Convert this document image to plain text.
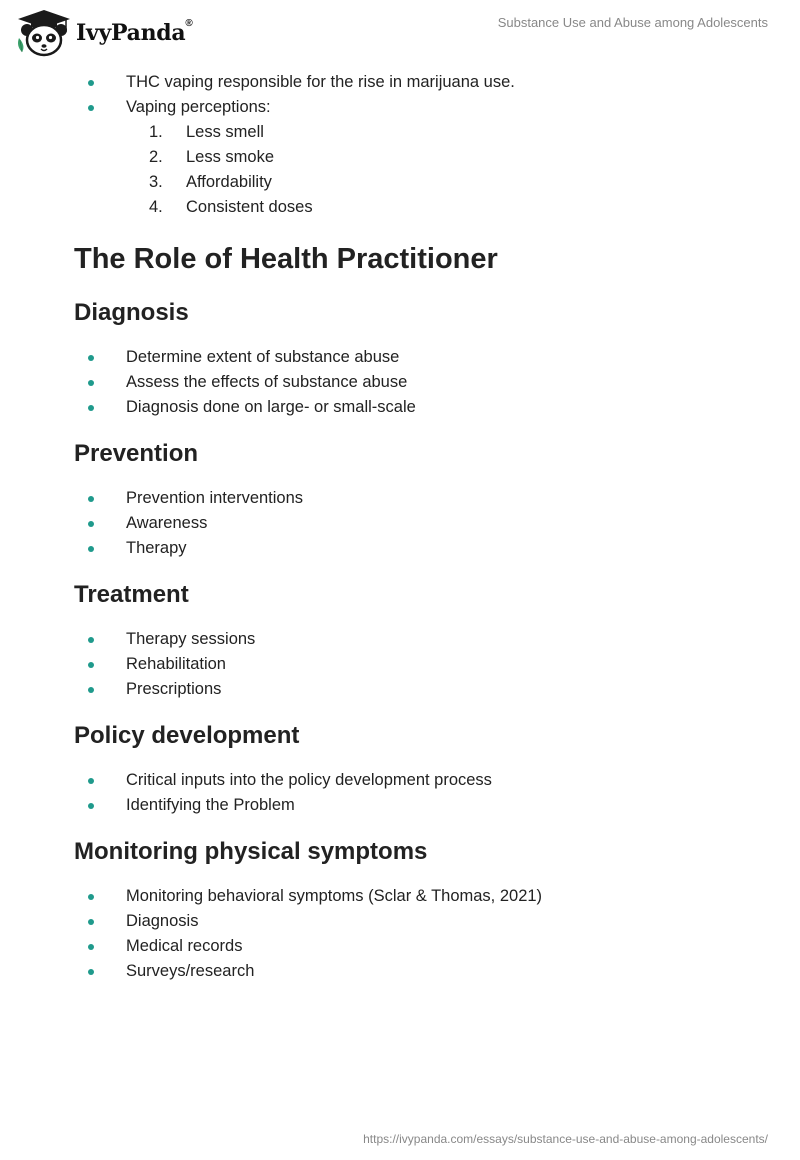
IvyPanda®	Substance Use and Abuse among Adolescents
THC vaping responsible for the rise in marijuana use.
Vaping perceptions:
1. Less smell
2. Less smoke
3. Affordability
4. Consistent doses
The Role of Health Practitioner
Diagnosis
Determine extent of substance abuse
Assess the effects of substance abuse
Diagnosis done on large- or small-scale
Prevention
Prevention interventions
Awareness
Therapy
Treatment
Therapy sessions
Rehabilitation
Prescriptions
Policy development
Critical inputs into the policy development process
Identifying the Problem
Monitoring physical symptoms
Monitoring behavioral symptoms (Sclar & Thomas, 2021)
Diagnosis
Medical records
Surveys/research
https://ivypanda.com/essays/substance-use-and-abuse-among-adolescents/
